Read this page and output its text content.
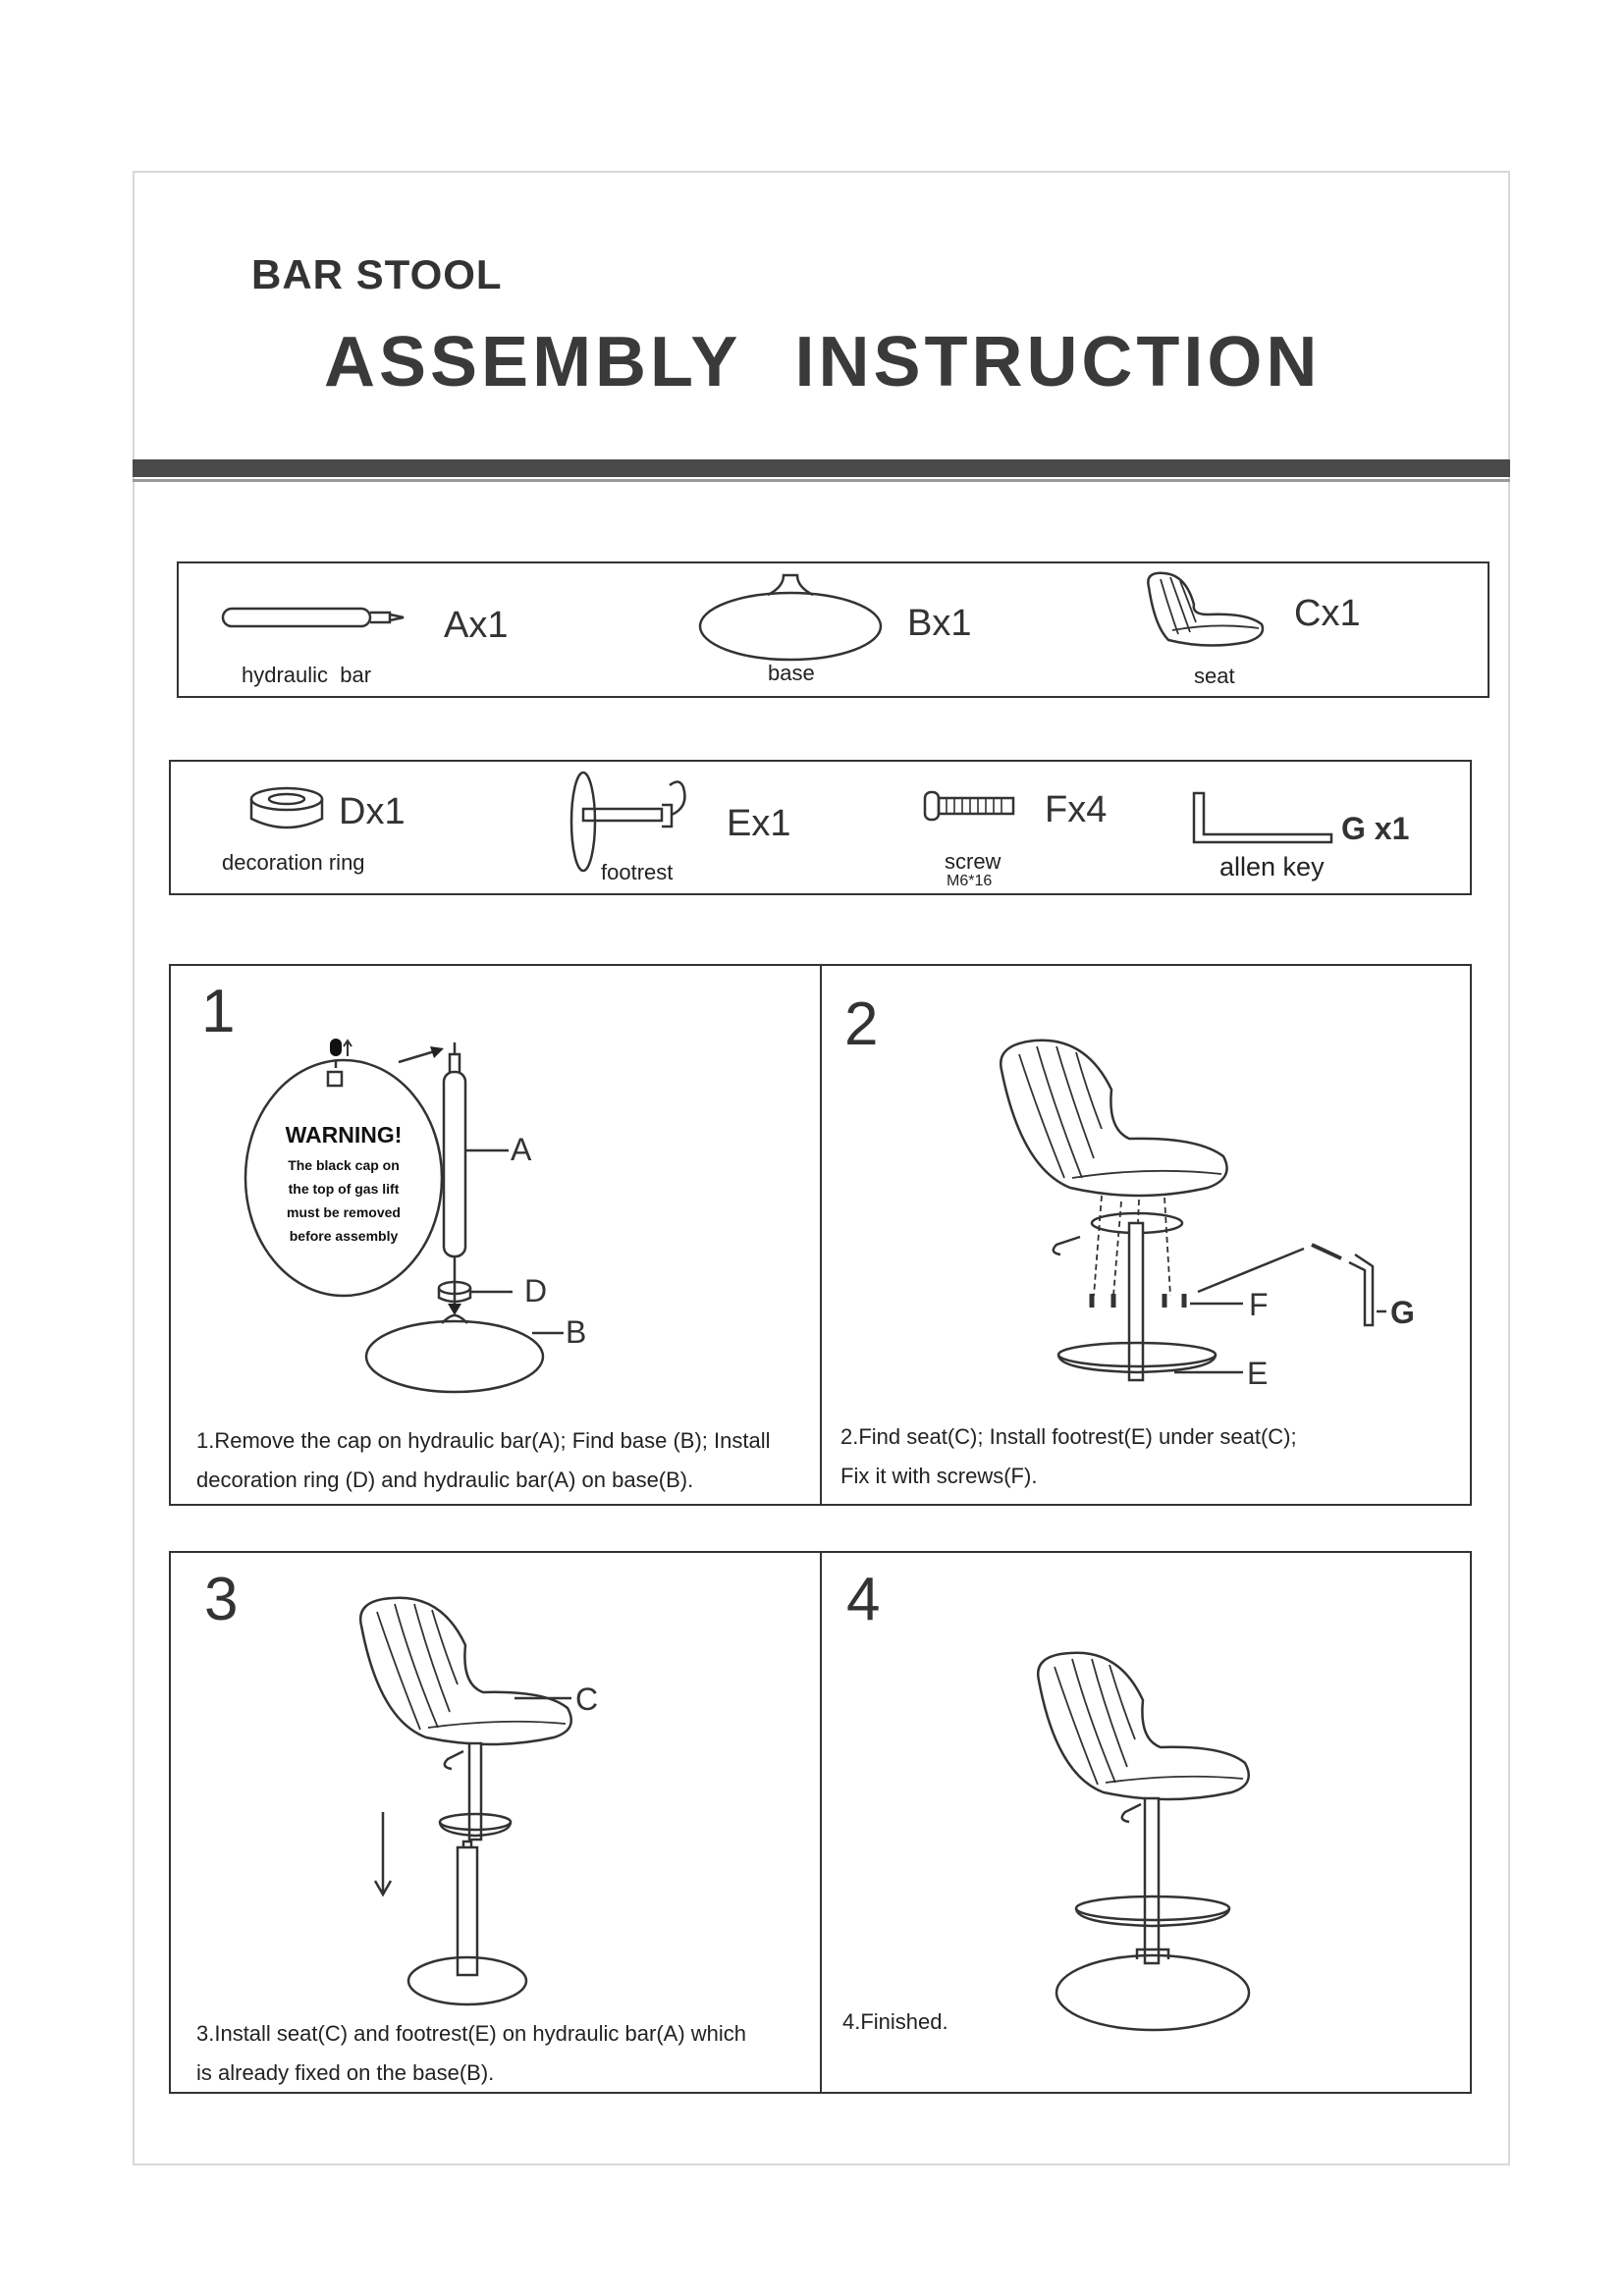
BAR STOOL
ASSEMBLY INSTRUCTION
Ax1
hydraulic  bar
Bx1
base
Cx1
seat
Dx1
decoration ring
Ex1
footrest
Fx4
screw
M6*16
G x1
allen key
1
A
D
B
WARNING!
The black cap on
the top of gas lift
must be removed
before assembly
1.Remove the cap on hydraulic bar(A); Find base (B); Install
decoration ring (D) and hydraulic bar(A) on base(B).
2
F	G
E
2.Find seat(C); Install footrest(E) under seat(C);
Fix it with screws(F).
3
C
3.Install seat(C) and footrest(E) on hydraulic bar(A) which
is already fixed on the base(B).
4
4.Finished.
